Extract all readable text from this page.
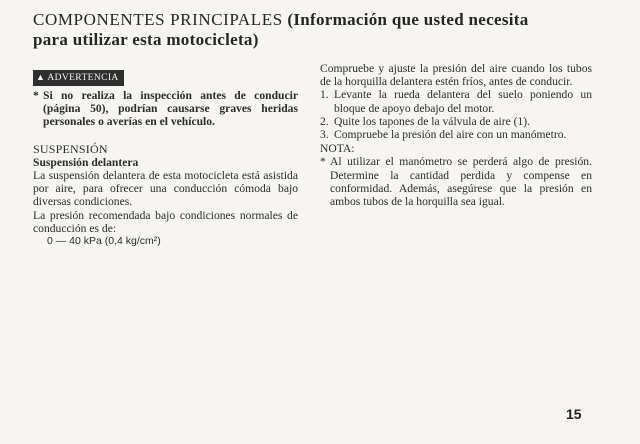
COMPONENTES PRINCIPALES (Información que usted necesita
para utilizar esta motocicleta)
▲ ADVERTENCIA
* Si no realiza la inspección antes de conducir (página 50), podrían causarse graves heridas personales o averías en el vehículo.
SUSPENSIÓN
Suspensión delantera
La suspensión delantera de esta motocicleta está asistida por aire, para ofrecer una conducción cómoda bajo diversas condiciones.
La presión recomendada bajo condiciones normales de conducción es de:
0 — 40 kPa (0,4 kg/cm²)
Compruebe y ajuste la presión del aire cuando los tubos de la horquilla delantera estén fríos, antes de conducir.
1. Levante la rueda delantera del suelo poniendo un bloque de apoyo debajo del motor.
2. Quite los tapones de la válvula de aire (1).
3. Compruebe la presión del aire con un manómetro.
NOTA:
* Al utilizar el manómetro se perderá algo de presión. Determine la cantidad perdida y compense en conformidad. Además, asegúrese que la presión en ambos tubos de la horquilla sea igual.
15
